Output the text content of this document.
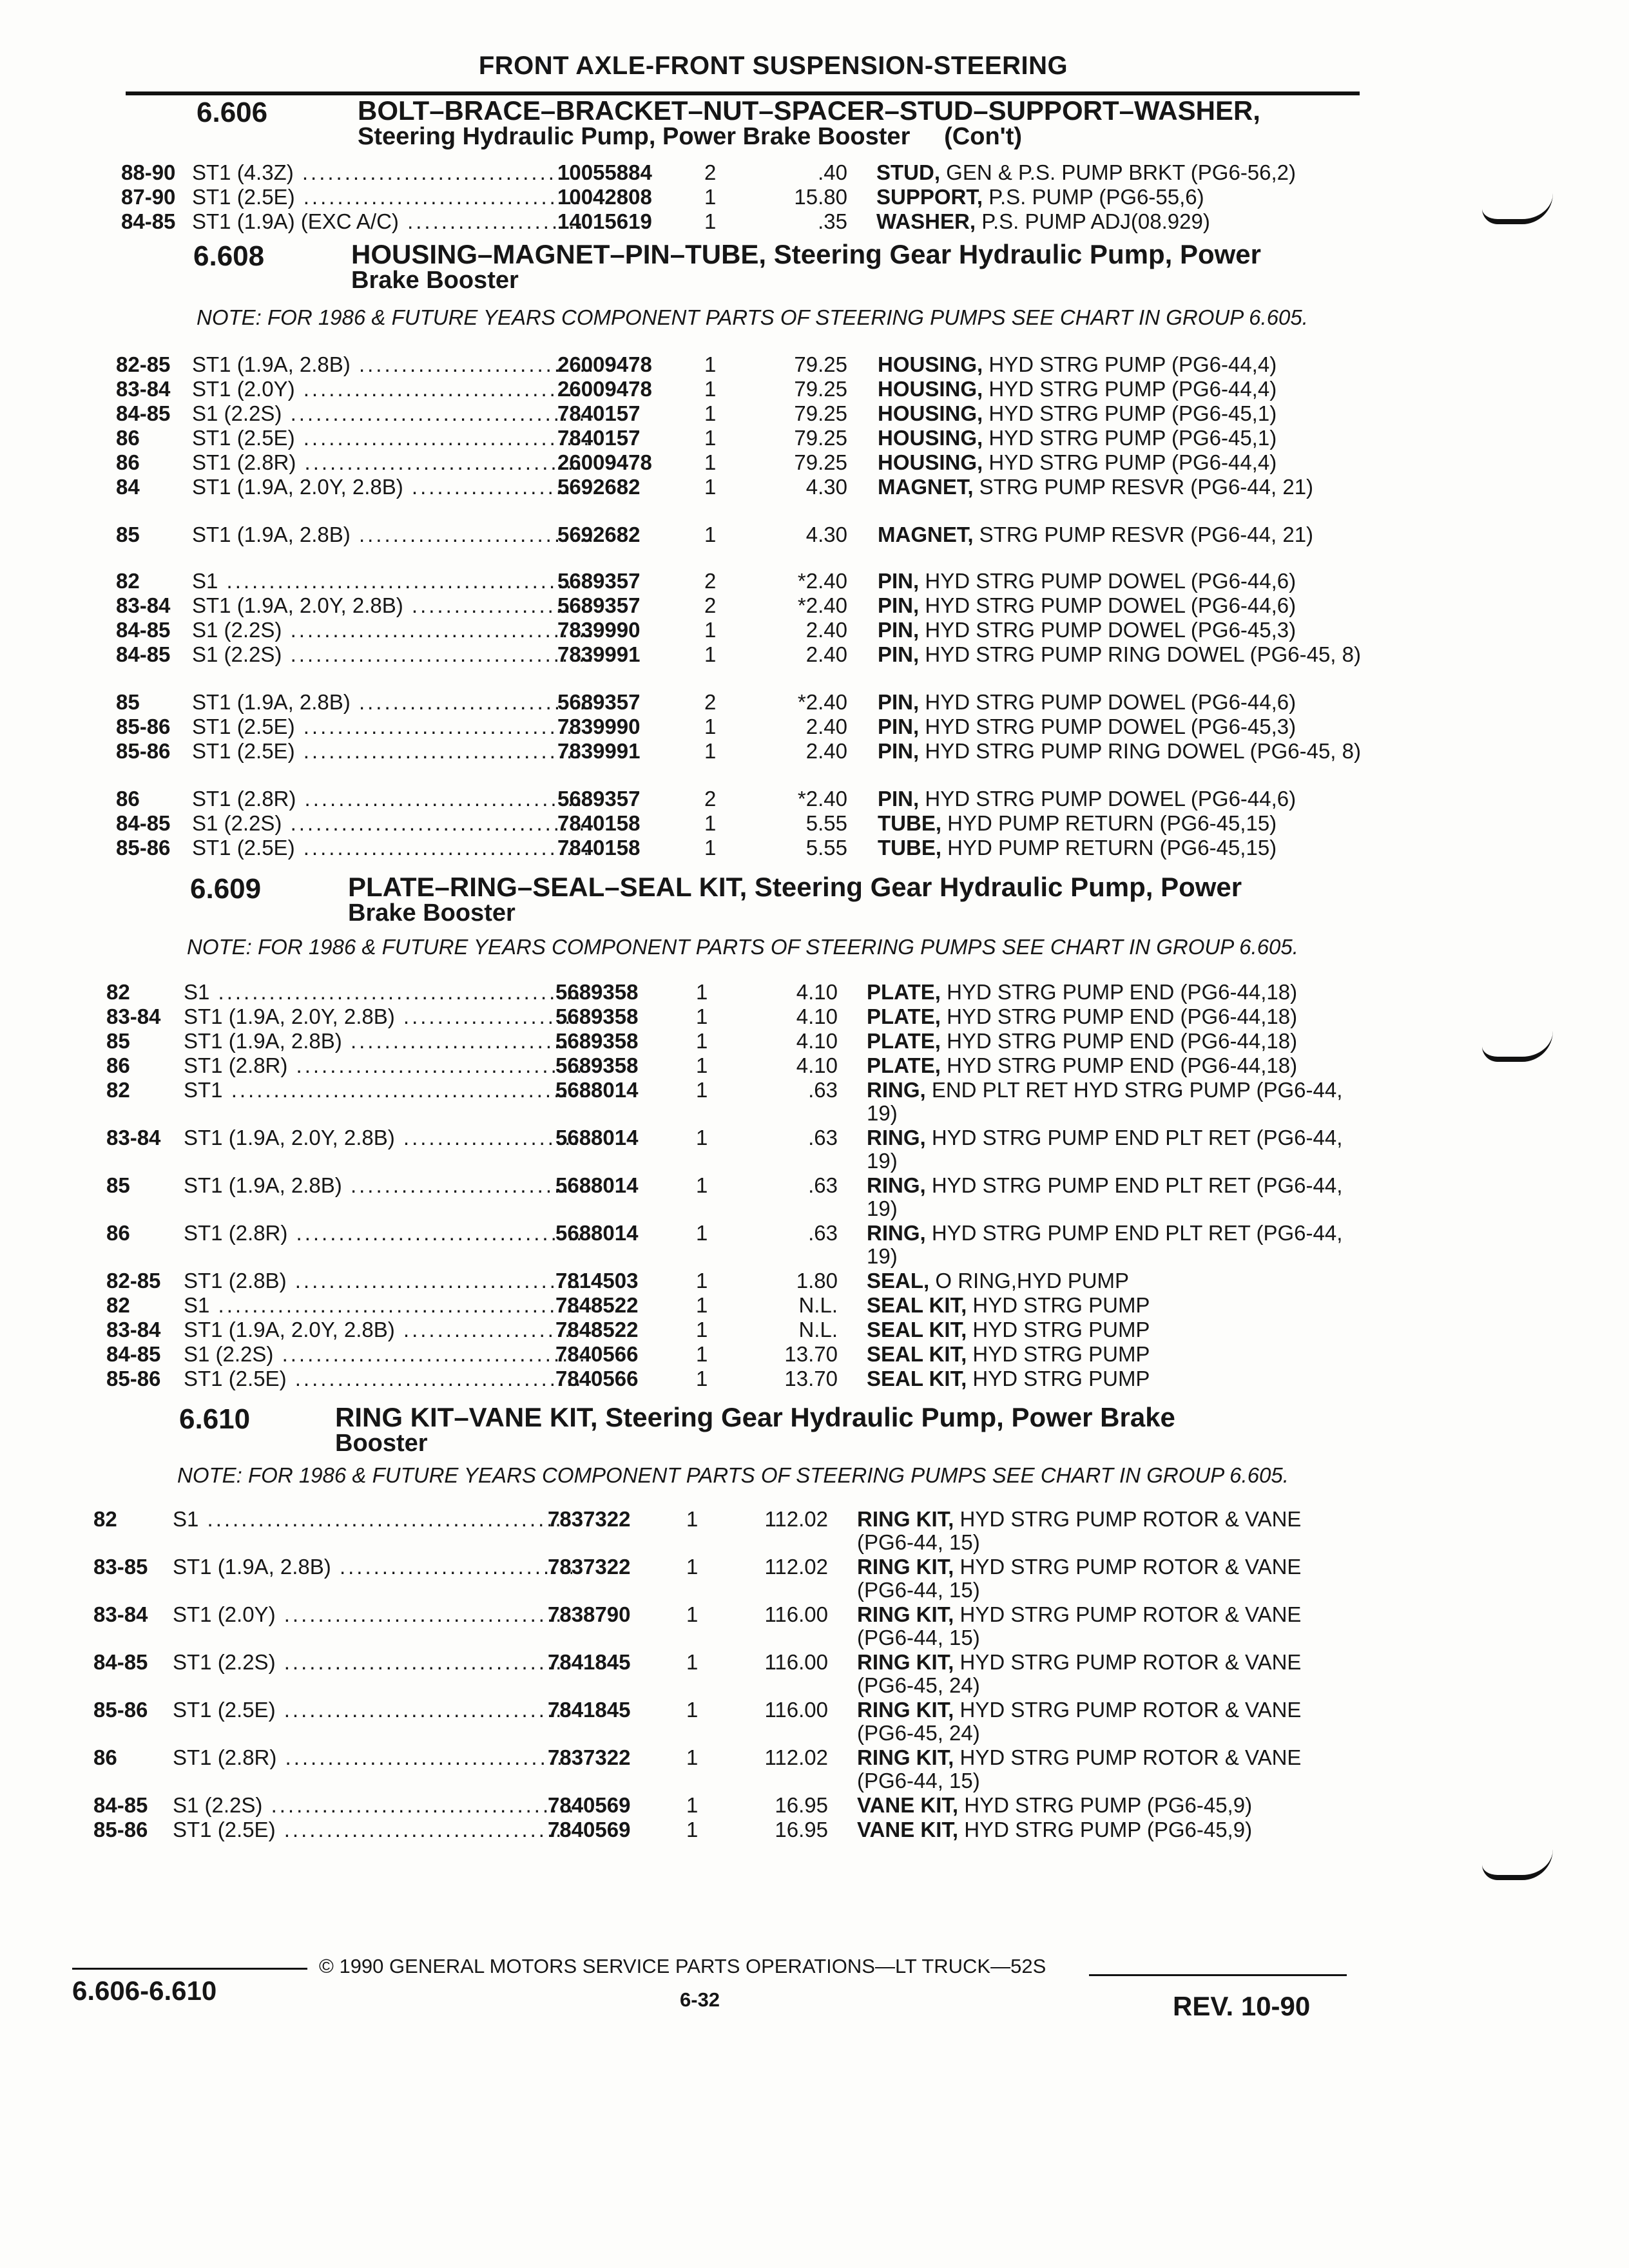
FRONT AXLE-FRONT SUSPENSION-STEERING
6.606	BOLT–BRACE–BRACKET–NUT–SPACER–STUD–SUPPORT–WASHER,
Steering Hydraulic Pump, Power Brake Booster     (Con't)
88-90 ST1 (4.3Z) .....	10055884 2	.40 STUD, GEN & P.S. PUMP BRKT (PG6-56,2)
87-90 ST1 (2.5E) .....	10042808 1	15.80 SUPPORT, P.S. PUMP (PG6-55,6)
84-85 ST1 (1.9A) (EXC A/C) .....	14015619 1	.35 WASHER, P.S. PUMP ADJ(08.929)
6.608	HOUSING–MAGNET–PIN–TUBE, Steering Gear Hydraulic Pump, Power
Brake Booster
NOTE: FOR 1986 & FUTURE YEARS COMPONENT PARTS OF STEERING PUMPS SEE CHART IN GROUP 6.605.
82-85 ST1 (1.9A, 2.8B) .....	26009478 1	79.25 HOUSING, HYD STRG PUMP (PG6-44,4)
83-84 ST1 (2.0Y) .....	26009478 1	79.25 HOUSING, HYD STRG PUMP (PG6-44,4)
84-85 S1 (2.2S) .....	7840157	1	79.25 HOUSING, HYD STRG PUMP (PG6-45,1)
86 ST1 (2.5E) .....	7840157	1	79.25 HOUSING, HYD STRG PUMP (PG6-45,1)
86 ST1 (2.8R) .....	26009478 1	79.25 HOUSING, HYD STRG PUMP (PG6-44,4)
84 ST1 (1.9A, 2.0Y, 2.8B) .....	5692682	1	4.30 MAGNET, STRG PUMP RESVR (PG6-44, 21)
85 ST1 (1.9A, 2.8B) .....	5692682	1	4.30 MAGNET, STRG PUMP RESVR (PG6-44, 21)
82 S1 .....	5689357	2	*2.40 PIN, HYD STRG PUMP DOWEL (PG6-44,6)
83-84 ST1 (1.9A, 2.0Y, 2.8B) .....	5689357	2	*2.40 PIN, HYD STRG PUMP DOWEL (PG6-44,6)
84-85 S1 (2.2S) .....	7839990	1	2.40 PIN, HYD STRG PUMP DOWEL (PG6-45,3)
84-85 S1 (2.2S) .....	7839991	1	2.40 PIN, HYD STRG PUMP RING DOWEL (PG6-45, 8)
85 ST1 (1.9A, 2.8B) .....	5689357	2	*2.40 PIN, HYD STRG PUMP DOWEL (PG6-44,6)
85-86 ST1 (2.5E) .....	7839990	1	2.40 PIN, HYD STRG PUMP DOWEL (PG6-45,3)
85-86 ST1 (2.5E) .....	7839991	1	2.40 PIN, HYD STRG PUMP RING DOWEL (PG6-45, 8)
86 ST1 (2.8R) .....	5689357	2	*2.40 PIN, HYD STRG PUMP DOWEL (PG6-44,6)
84-85 S1 (2.2S) .....	7840158	1	5.55 TUBE, HYD PUMP RETURN (PG6-45,15)
85-86 ST1 (2.5E) .....	7840158	1	5.55 TUBE, HYD PUMP RETURN (PG6-45,15)
6.609	PLATE–RING–SEAL–SEAL KIT, Steering Gear Hydraulic Pump, Power
Brake Booster
NOTE: FOR 1986 & FUTURE YEARS COMPONENT PARTS OF STEERING PUMPS SEE CHART IN GROUP 6.605.
82	S1 .....	5689358	1	4.10 PLATE, HYD STRG PUMP END (PG6-44,18)
83-84 ST1 (1.9A, 2.0Y, 2.8B) .....	5689358	1	4.10 PLATE, HYD STRG PUMP END (PG6-44,18)
85	ST1 (1.9A, 2.8B) .....	5689358	1	4.10 PLATE, HYD STRG PUMP END (PG6-44,18)
86	ST1 (2.8R) .....	5689358	1	4.10 PLATE, HYD STRG PUMP END (PG6-44,18)
82	ST1 .....	5688014	1	.63 RING, END PLT RET HYD STRG PUMP (PG6-44, 19)
83-84 ST1 (1.9A, 2.0Y, 2.8B) .....	5688014	1	.63 RING, HYD STRG PUMP END PLT RET (PG6-44, 19)
85	ST1 (1.9A, 2.8B) .....	5688014	1	.63 RING, HYD STRG PUMP END PLT RET (PG6-44, 19)
86	ST1 (2.8R) .....	5688014	1	.63 RING, HYD STRG PUMP END PLT RET (PG6-44, 19)
82-85 ST1 (2.8B) .....	7814503	1	1.80 SEAL, O RING,HYD PUMP
82	S1 .....	7848522	1	N.L. SEAL KIT, HYD STRG PUMP
83-84 ST1 (1.9A, 2.0Y, 2.8B) .....	7848522	1	N.L. SEAL KIT, HYD STRG PUMP
84-85 S1 (2.2S) .....	7840566	1	13.70 SEAL KIT, HYD STRG PUMP
85-86 ST1 (2.5E) .....	7840566	1	13.70 SEAL KIT, HYD STRG PUMP
6.610	RING KIT–VANE KIT, Steering Gear Hydraulic Pump, Power Brake
Booster
NOTE: FOR 1986 & FUTURE YEARS COMPONENT PARTS OF STEERING PUMPS SEE CHART IN GROUP 6.605.
82	S1 .....	7837322	1	112.02 RING KIT, HYD STRG PUMP ROTOR & VANE (PG6-44, 15)
83-85 ST1 (1.9A, 2.8B) .....	7837322	1	112.02 RING KIT, HYD STRG PUMP ROTOR & VANE (PG6-44, 15)
83-84 ST1 (2.0Y) .....	7838790	1	116.00 RING KIT, HYD STRG PUMP ROTOR & VANE (PG6-44, 15)
84-85 ST1 (2.2S) .....	7841845	1	116.00 RING KIT, HYD STRG PUMP ROTOR & VANE (PG6-45, 24)
85-86 ST1 (2.5E) .....	7841845	1	116.00 RING KIT, HYD STRG PUMP ROTOR & VANE (PG6-45, 24)
86	ST1 (2.8R) .....	7837322	1	112.02 RING KIT, HYD STRG PUMP ROTOR & VANE (PG6-44, 15)
84-85 S1 (2.2S) .....	7840569	1	16.95 VANE KIT, HYD STRG PUMP (PG6-45,9)
85-86 ST1 (2.5E) .....	7840569	1	16.95 VANE KIT, HYD STRG PUMP (PG6-45,9)
6.606-6.610
© 1990 GENERAL MOTORS SERVICE PARTS OPERATIONS—LT TRUCK—52S
6-32	REV. 10-90
